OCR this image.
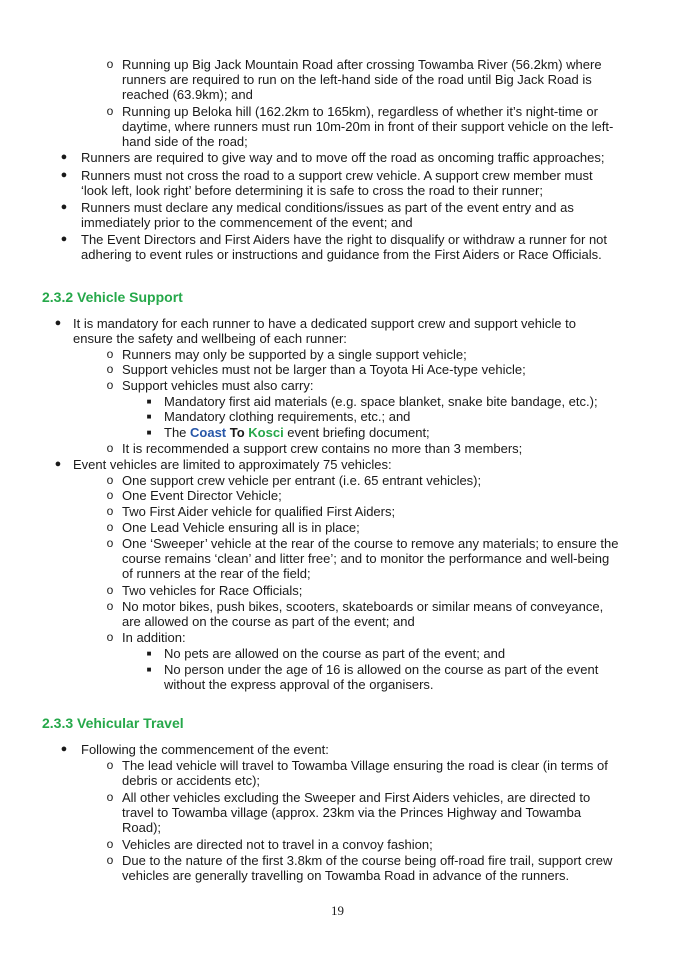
o Running up Big Jack Mountain Road after crossing Towamba River (56.2km) where
runners are required to run on the left-hand side of the road until Big Jack Road is
reached (63.9km); and
o Running up Beloka hill (162.2km to 165km), regardless of whether it’s night-time or
daytime, where runners must run 10m-20m in front of their support vehicle on the left-
hand side of the road;
● Runners are required to give way and to move off the road as oncoming traffic approaches;
● Runners must not cross the road to a support crew vehicle. A support crew member must
‘look left, look right’ before determining it is safe to cross the road to their runner;
● Runners must declare any medical conditions/issues as part of the event entry and as
immediately prior to the commencement of the event; and
● The Event Directors and First Aiders have the right to disqualify or withdraw a runner for not
adhering to event rules or instructions and guidance from the First Aiders or Race Officials.
2.3.2 Vehicle Support
● It is mandatory for each runner to have a dedicated support crew and support vehicle to
ensure the safety and wellbeing of each runner:
o Runners may only be supported by a single support vehicle;
o Support vehicles must not be larger than a Toyota Hi Ace-type vehicle;
o Support vehicles must also carry:
■ Mandatory first aid materials (e.g. space blanket, snake bite bandage, etc.);
■ Mandatory clothing requirements, etc.; and
■ The Coast To Kosci event briefing document;
o It is recommended a support crew contains no more than 3 members;
● Event vehicles are limited to approximately 75 vehicles:
o One support crew vehicle per entrant (i.e. 65 entrant vehicles);
o One Event Director Vehicle;
o Two First Aider vehicle for qualified First Aiders;
o One Lead Vehicle ensuring all is in place;
o One ‘Sweeper’ vehicle at the rear of the course to remove any materials; to ensure the
course remains ‘clean’ and litter free’; and to monitor the performance and well-being
of runners at the rear of the field;
o Two vehicles for Race Officials;
o No motor bikes, push bikes, scooters, skateboards or similar means of conveyance,
are allowed on the course as part of the event; and
o In addition:
■ No pets are allowed on the course as part of the event; and
■ No person under the age of 16 is allowed on the course as part of the event
without the express approval of the organisers.
2.3.3 Vehicular Travel
● Following the commencement of the event:
o The lead vehicle will travel to Towamba Village ensuring the road is clear (in terms of
debris or accidents etc);
o All other vehicles excluding the Sweeper and First Aiders vehicles, are directed to
travel to Towamba village (approx. 23km via the Princes Highway and Towamba
Road);
o Vehicles are directed not to travel in a convoy fashion;
o Due to the nature of the first 3.8km of the course being off-road fire trail, support crew
vehicles are generally travelling on Towamba Road in advance of the runners.
19
